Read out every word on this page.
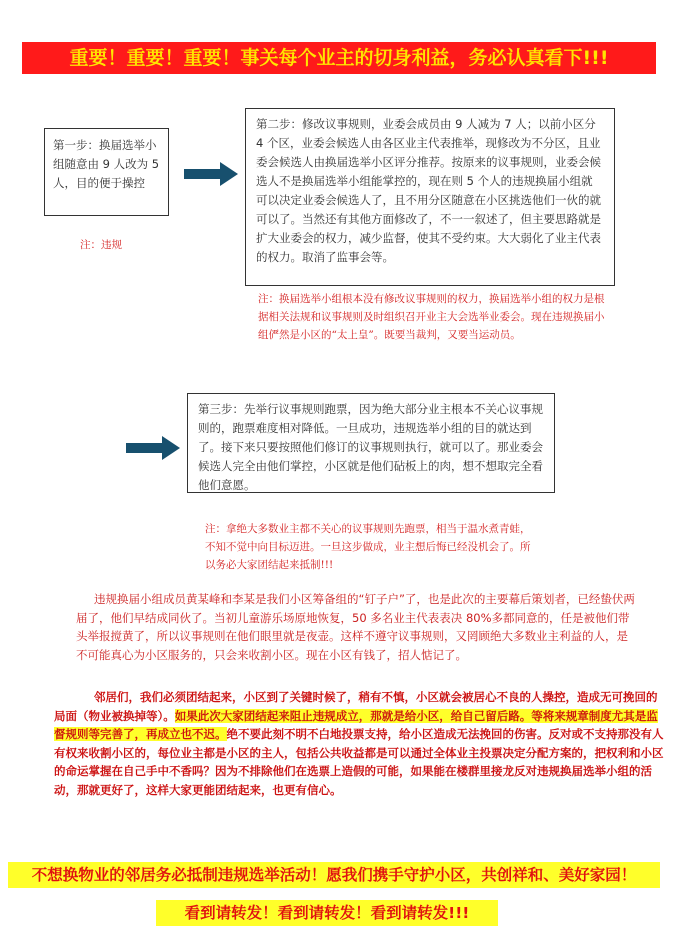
重要！重要！重要！事关每个业主的切身利益，务必认真看下!!!
第一步：换届选举小组随意由 9 人改为 5 人，目的便于操控
注：违规
第二步：修改议事规则，业委会成员由 9 人减为 7 人；以前小区分 4 个区，业委会候选人由各区业主代表推举，现修改为不分区，且业委会候选人由换届选举小区评分推荐。按原来的议事规则，业委会候选人不是换届选举小组能掌控的，现在则 5 个人的违规换届小组就可以决定业委会候选人了，且不用分区随意在小区挑选他们一伙的就可以了。当然还有其他方面修改了，不一一叙述了，但主要思路就是扩大业委会的权力，减少监督，使其不受约束。大大弱化了业主代表的权力。取消了监事会等。
注：换届选举小组根本没有修改议事规则的权力，换届选举小组的权力是根据相关法规和议事规则及时组织召开业主大会选举业委会。现在违规换届小组俨然是小区的“太上皇”。既要当裁判，又要当运动员。
第三步：先举行议事规则跑票，因为绝大部分业主根本不关心议事规则的，跑票难度相对降低。一旦成功，违规选举小组的目的就达到了。接下来只要按照他们修订的议事规则执行，就可以了。那业委会候选人完全由他们掌控，小区就是他们砧板上的肉，想不想取完全看他们意愿。
注：拿绝大多数业主都不关心的议事规则先跑票，相当于温水煮青蛙，不知不觉中向目标迈进。一旦这步做成，业主想后悔已经没机会了。所以务必大家团结起来抵制!!!
违规换届小组成员黄某峰和李某是我们小区筹备组的“钉子户”了，也是此次的主要幕后策划者，已经蛰伏两届了，他们早结成同伙了。当初儿童游乐场原地恢复，50 多名业主代表表决 80%多都同意的，任是被他们带头举报搅黄了，所以议事规则在他们眼里就是夜壶。这样不遵守议事规则，又罔顾绝大多数业主利益的人，是不可能真心为小区服务的，只会来收割小区。现在小区有钱了，招人惦记了。
邻居们，我们必须团结起来，小区到了关键时候了，稍有不慎，小区就会被居心不良的人操控，造成无可挽回的局面（物业被换掉等）。如果此次大家团结起来阻止违规成立，那就是给小区，给自己留后路。等将来规章制度尤其是监督规则等完善了，再成立也不迟。绝不要此刻不明不白地投票支持，给小区造成无法挽回的伤害。反对或不支持那没有人有权来收割小区的，每位业主都是小区的主人，包括公共收益都是可以通过全体业主投票决定分配方案的，把权利和小区的命运掌握在自己手中不香吗？因为不排除他们在选票上造假的可能，如果能在楼群里接龙反对违规换届选举小组的活动，那就更好了，这样大家更能团结起来，也更有信心。
不想换物业的邻居务必抵制违规选举活动！愿我们携手守护小区，共创祥和、美好家园！
看到请转发！看到请转发！看到请转发!!!
